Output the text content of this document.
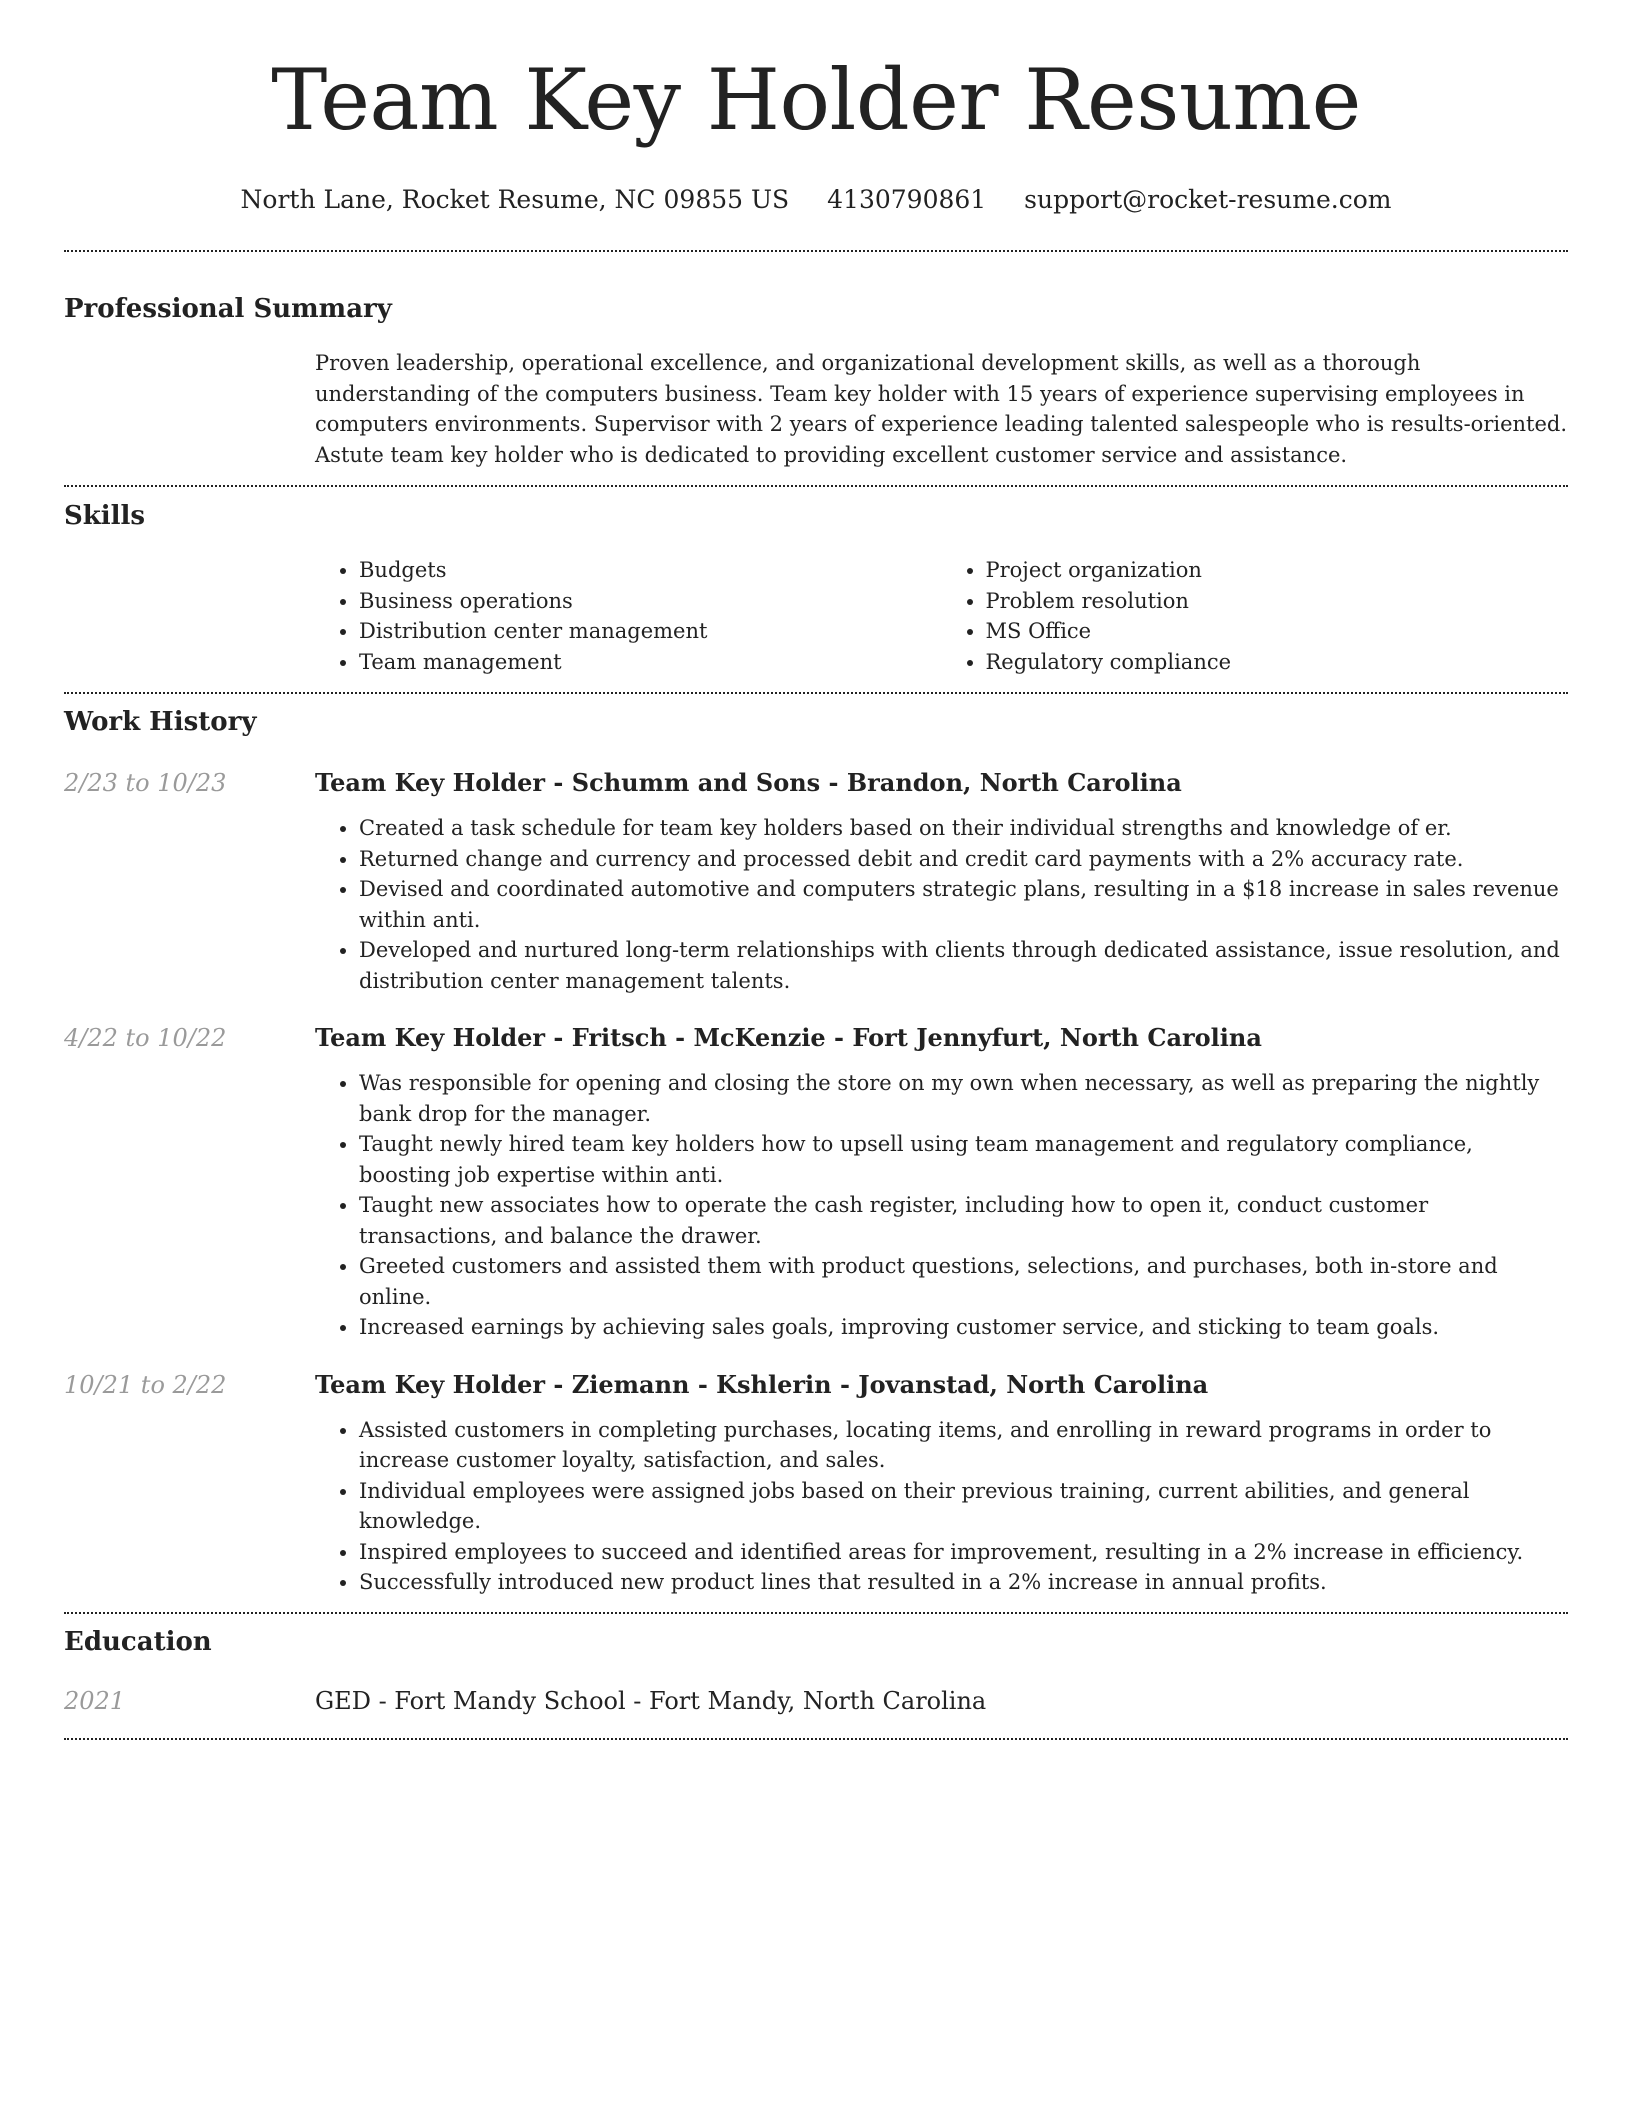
Team Key Holder Resume
North Lane, Rocket Resume, NC 09855 US 4130790861 support@rocket-resume.com
Professional Summary

Proven leadership, operational excellence, and organizational development skills, as well as a thorough understanding of the computers business. Team key holder with 15 years of experience supervising employees in computers environments. Supervisor with 2 years of experience leading talented salespeople who is results-oriented. Astute team key holder who is dedicated to providing excellent customer service and assistance.

Skills
• Budgets
• Business operations
• Distribution center management
• Team management
• Project organization
• Problem resolution
• MS Office
• Regulatory compliance
Work History
2/23 to 10/23	Team Key Holder - Schumm and Sons - Brandon, North Carolina
• Created a task schedule for team key holders based on their individual strengths and knowledge of er.
• Returned change and currency and processed debit and credit card payments with a 2% accuracy rate.
• Devised and coordinated automotive and computers strategic plans, resulting in a $18 increase in sales revenue within anti.
• Developed and nurtured long-term relationships with clients through dedicated assistance, issue resolution, and distribution center management talents.
4/22 to 10/22	Team Key Holder - Fritsch - McKenzie - Fort Jennyfurt, North Carolina
• Was responsible for opening and closing the store on my own when necessary, as well as preparing the nightly bank drop for the manager.
• Taught newly hired team key holders how to upsell using team management and regulatory compliance, boosting job expertise within anti.
• Taught new associates how to operate the cash register, including how to open it, conduct customer transactions, and balance the drawer.
• Greeted customers and assisted them with product questions, selections, and purchases, both in-store and online.
• Increased earnings by achieving sales goals, improving customer service, and sticking to team goals.
10/21 to 2/22	Team Key Holder - Ziemann - Kshlerin - Jovanstad, North Carolina
• Assisted customers in completing purchases, locating items, and enrolling in reward programs in order to increase customer loyalty, satisfaction, and sales.
• Individual employees were assigned jobs based on their previous training, current abilities, and general knowledge.
• Inspired employees to succeed and identified areas for improvement, resulting in a 2% increase in efficiency.
• Successfully introduced new product lines that resulted in a 2% increase in annual profits.
Education
2021	GED - Fort Mandy School - Fort Mandy, North Carolina
